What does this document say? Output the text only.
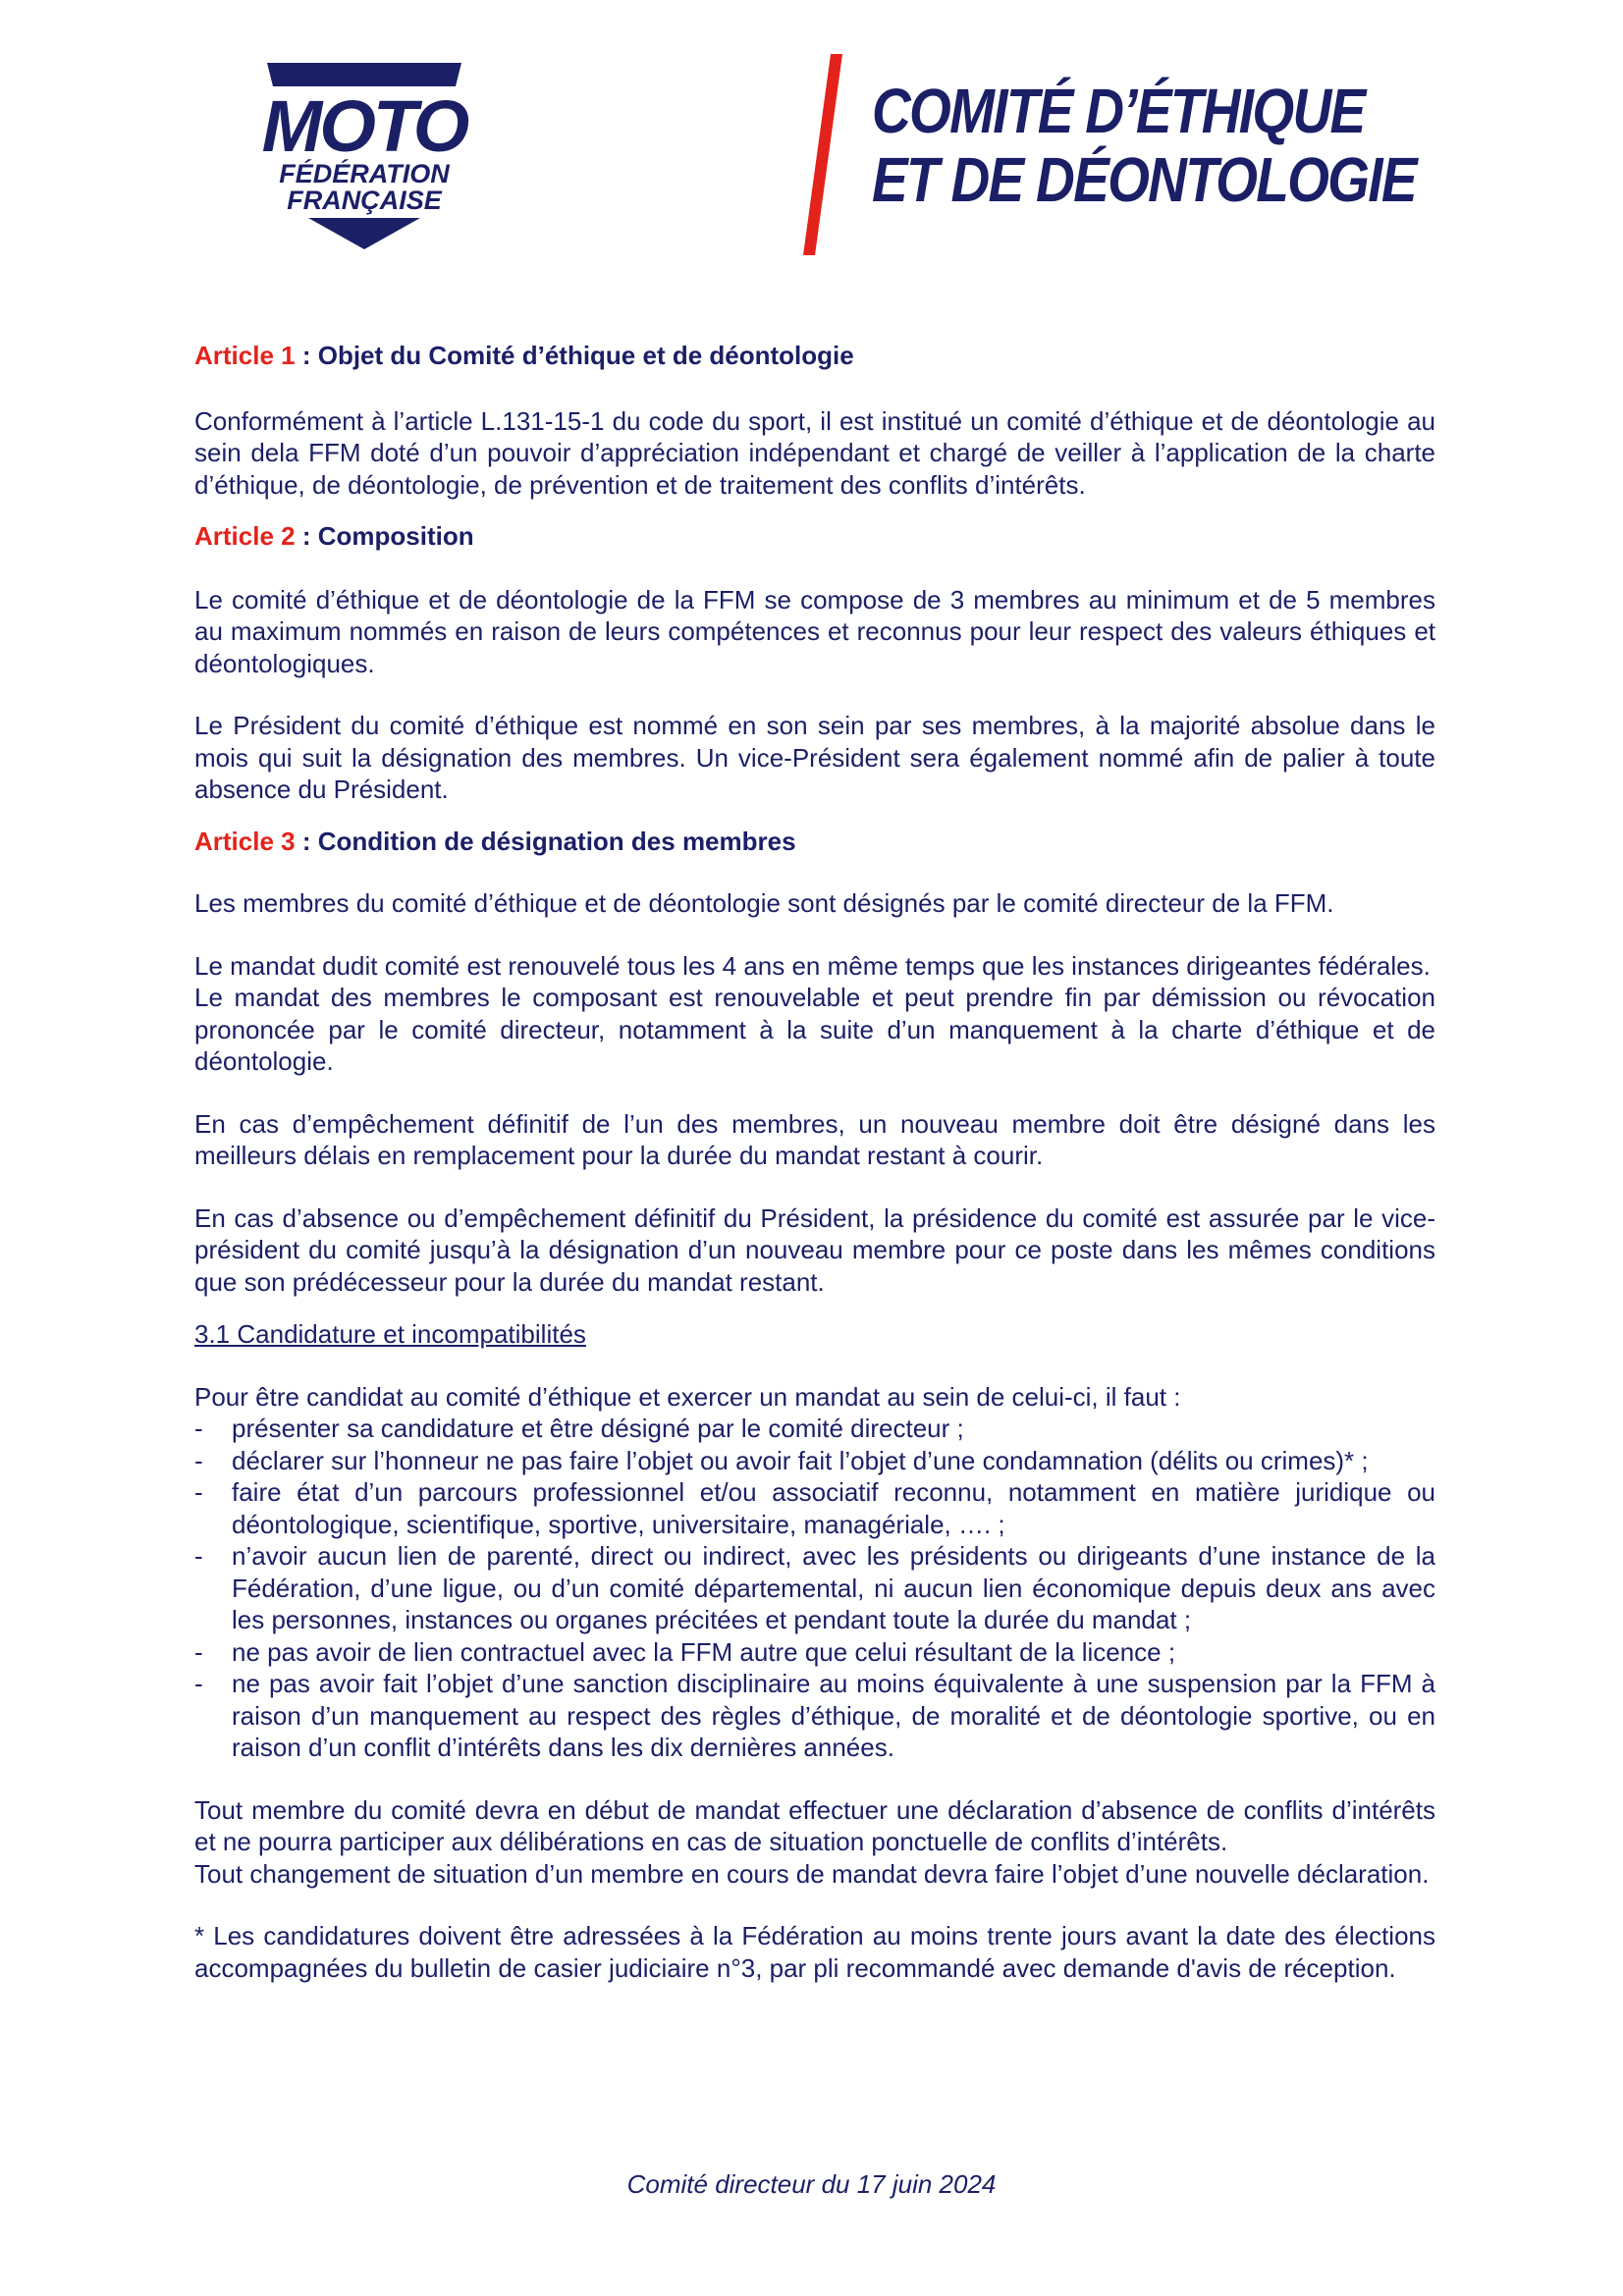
MOTO
FÉDÉRATION
FRANÇAISE
COMITÉ D’ÉTHIQUE
ET DE DÉONTOLOGIE

Article 1 : Objet du Comité d’éthique et de déontologie

Conformément à l’article L.131-15-1 du code du sport, il est institué un comité d’éthique et de déontologie au sein dela FFM doté d’un pouvoir d’appréciation indépendant et chargé de veiller à l’application de la charte d’éthique, de déontologie, de prévention et de traitement des conflits d’intérêts.

Article 2 : Composition

Le comité d’éthique et de déontologie de la FFM se compose de 3 membres au minimum et de 5 membres au maximum nommés en raison de leurs compétences et reconnus pour leur respect des valeurs éthiques et déontologiques.

Le Président du comité d’éthique est nommé en son sein par ses membres, à la majorité absolue dans le mois qui suit la désignation des membres. Un vice-Président sera également nommé afin de palier à toute absence du Président.

Article 3 : Condition de désignation des membres

Les membres du comité d’éthique et de déontologie sont désignés par le comité directeur de la FFM.

Le mandat dudit comité est renouvelé tous les 4 ans en même temps que les instances dirigeantes fédérales.

Le mandat des membres le composant est renouvelable et peut prendre fin par démission ou révocation prononcée par le comité directeur, notamment à la suite d’un manquement à la charte d’éthique et de déontologie.

En cas d’empêchement définitif de l’un des membres, un nouveau membre doit être désigné dans les meilleurs délais en remplacement pour la durée du mandat restant à courir.

En cas d’absence ou d’empêchement définitif du Président, la présidence du comité est assurée par le vice-président du comité jusqu’à la désignation d’un nouveau membre pour ce poste dans les mêmes conditions que son prédécesseur pour la durée du mandat restant.

3.1 Candidature et incompatibilités

Pour être candidat au comité d’éthique et exercer un mandat au sein de celui-ci, il faut :

- présenter sa candidature et être désigné par le comité directeur ;
- déclarer sur l’honneur ne pas faire l’objet ou avoir fait l’objet d’une condamnation (délits ou crimes)* ;
- faire état d’un parcours professionnel et/ou associatif reconnu, notamment en matière juridique ou déontologique, scientifique, sportive, universitaire, managériale, …. ;
- n’avoir aucun lien de parenté, direct ou indirect, avec les présidents ou dirigeants d’une instance de la Fédération, d’une ligue, ou d’un comité départemental, ni aucun lien économique depuis deux ans avec les personnes, instances ou organes précitées et pendant toute la durée du mandat ;
- ne pas avoir de lien contractuel avec la FFM autre que celui résultant de la licence ;
- ne pas avoir fait l’objet d’une sanction disciplinaire au moins équivalente à une suspension par la FFM à raison d’un manquement au respect des règles d’éthique, de moralité et de déontologie sportive, ou en raison d’un conflit d’intérêts dans les dix dernières années.

Tout membre du comité devra en début de mandat effectuer une déclaration d’absence de conflits d’intérêts et ne pourra participer aux délibérations en cas de situation ponctuelle de conflits d’intérêts.

Tout changement de situation d’un membre en cours de mandat devra faire l’objet d’une nouvelle déclaration.

* Les candidatures doivent être adressées à la Fédération au moins trente jours avant la date des élections accompagnées du bulletin de casier judiciaire n°3, par pli recommandé avec demande d'avis de réception.

Comité directeur du 17 juin 2024
